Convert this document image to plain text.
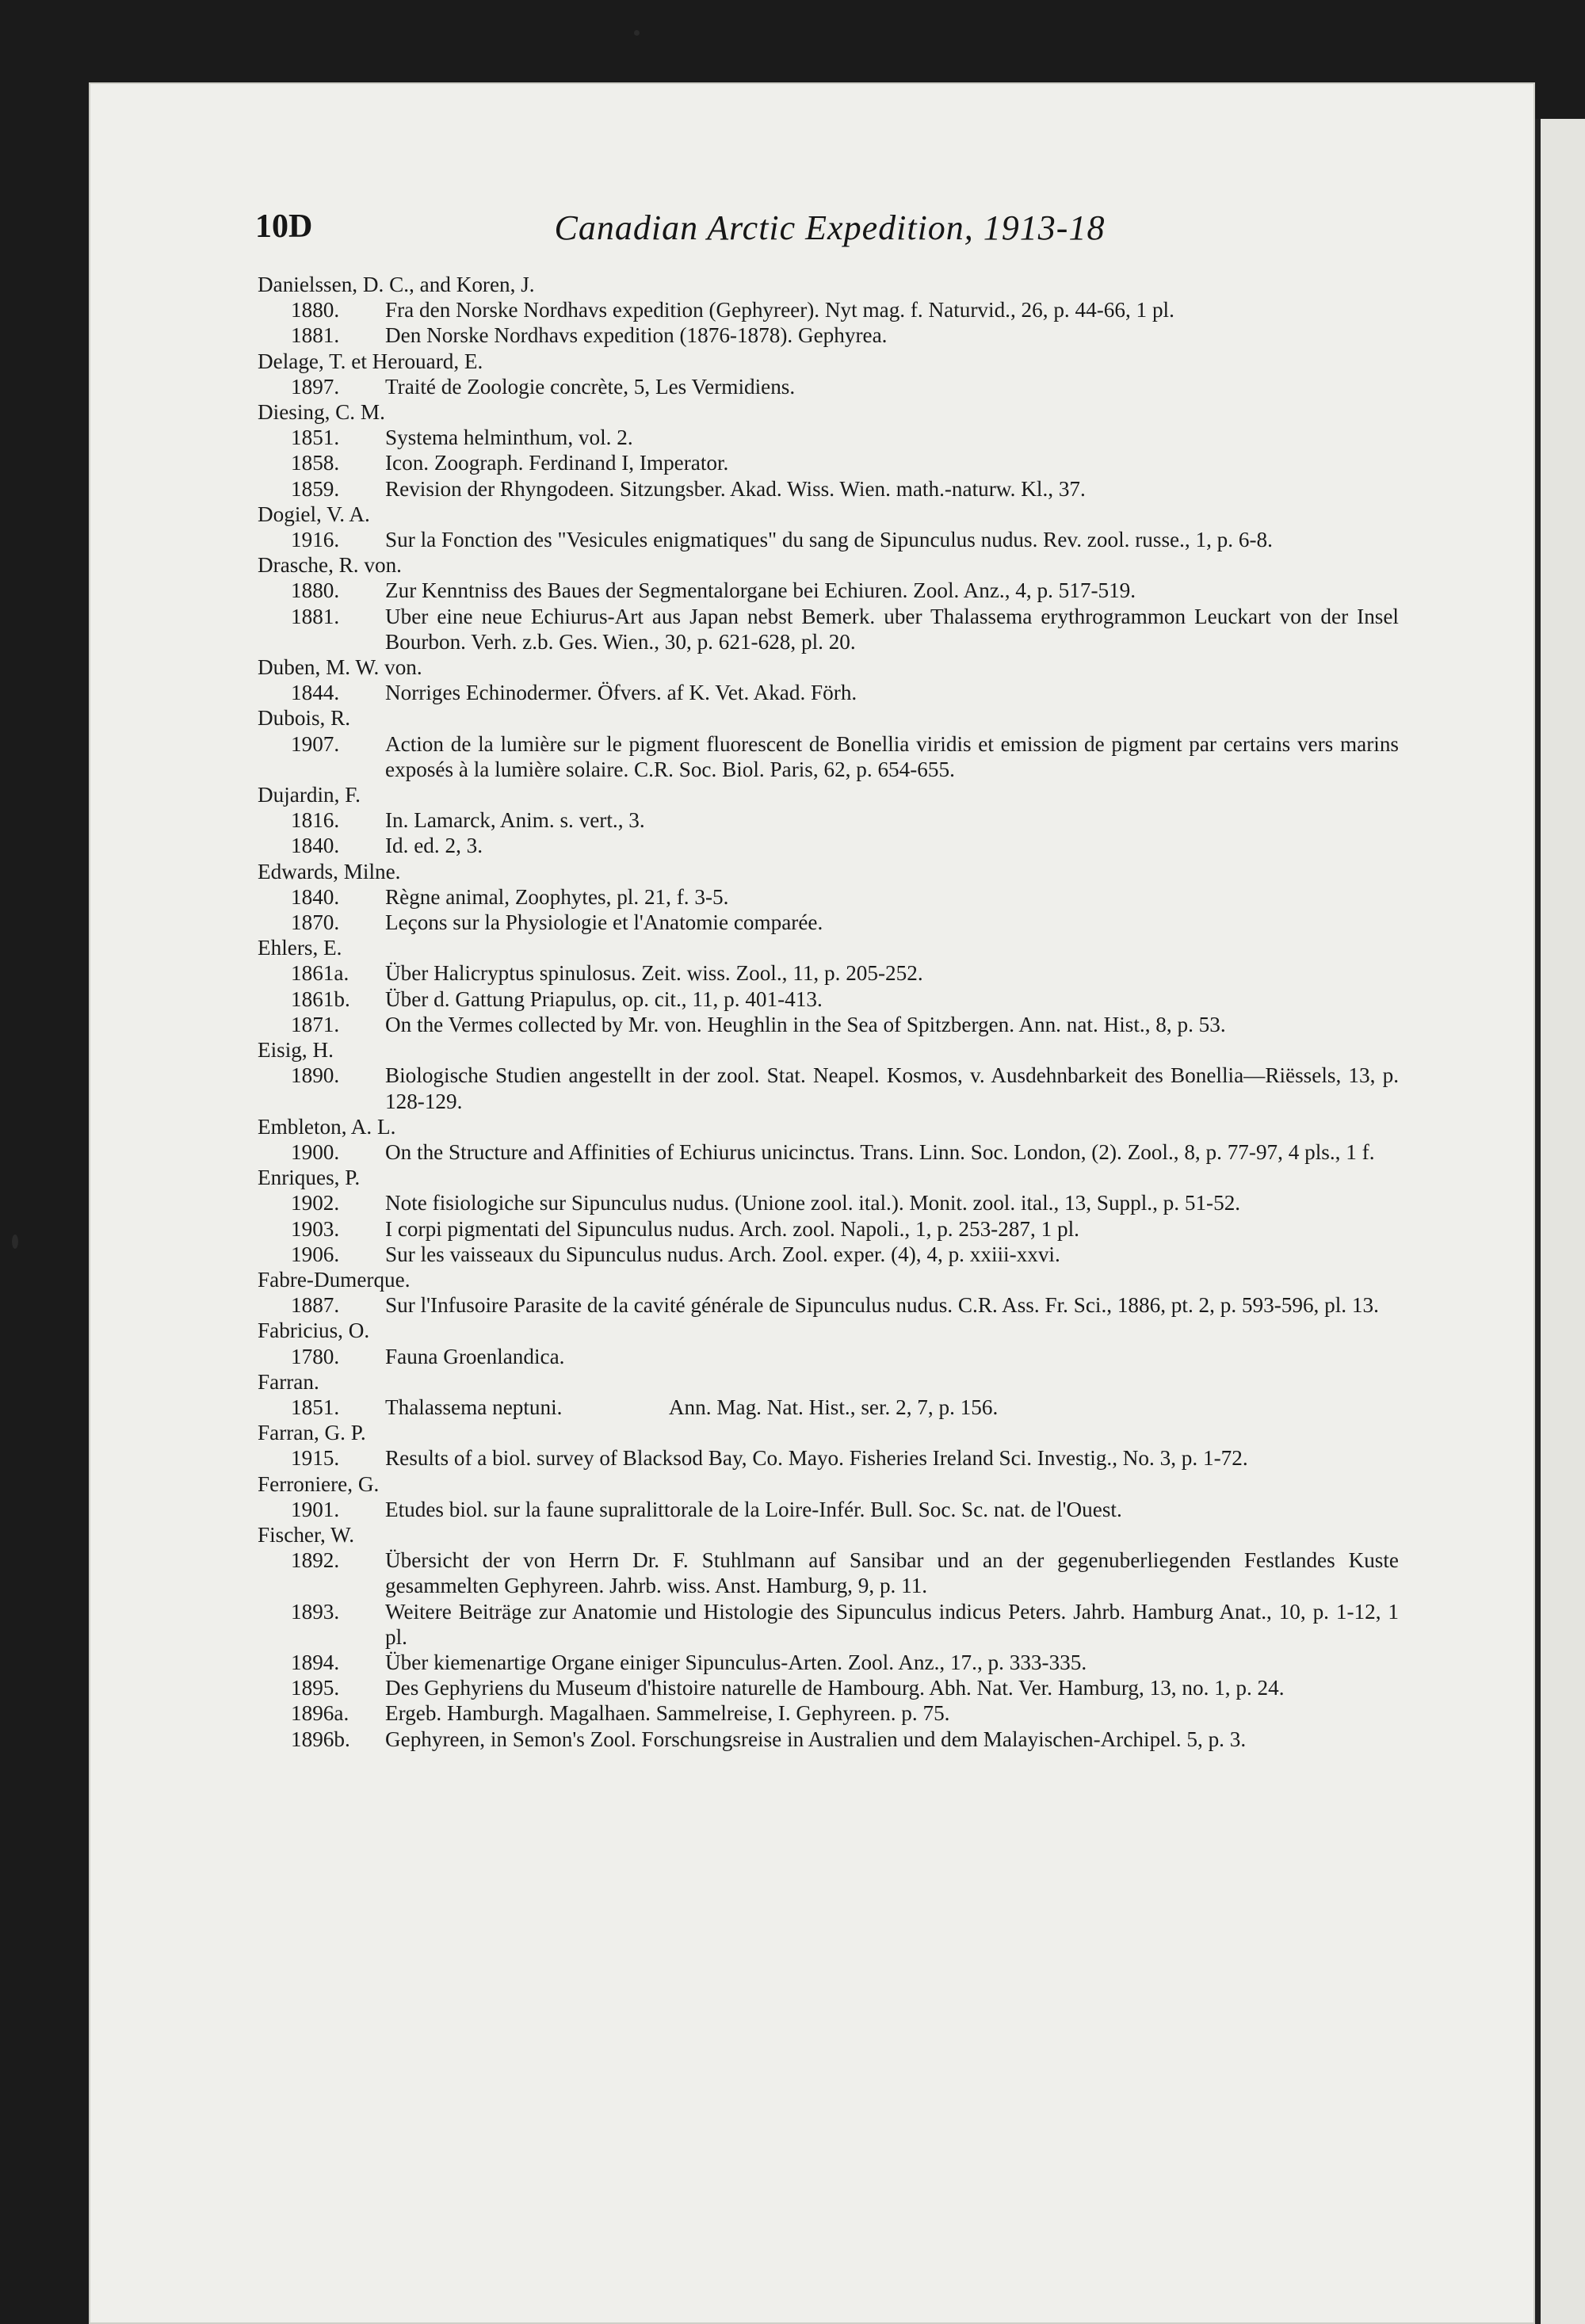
10D	Canadian Arctic Expedition, 1913-18
Danielssen, D. C., and Koren, J.
1880. Fra den Norske Nordhavs expedition (Gephyreer). Nyt mag. f. Naturvid., 26, p. 44-66, 1 pl.
1881. Den Norske Nordhavs expedition (1876-1878). Gephyrea.
Delage, T. et Herouard, E.
1897. Traité de Zoologie concrète, 5, Les Vermidiens.
Diesing, C. M.
1851. Systema helminthum, vol. 2.
1858. Icon. Zoograph. Ferdinand I, Imperator.
1859. Revision der Rhyngodeen. Sitzungsber. Akad. Wiss. Wien. math.-naturw. Kl., 37.
Dogiel, V. A.
1916. Sur la Fonction des "Vesicules enigmatiques" du sang de Sipunculus nudus. Rev. zool. russe., 1, p. 6-8.
Drasche, R. von.
1880. Zur Kenntniss des Baues der Segmentalorgane bei Echiuren. Zool. Anz., 4, p. 517-519.
1881. Uber eine neue Echiurus-Art aus Japan nebst Bemerk. uber Thalassema erythrogrammon Leuckart von der Insel Bourbon. Verh. z.b. Ges. Wien., 30, p. 621-628, pl. 20.
Duben, M. W. von.
1844. Norriges Echinodermer. Öfvers. af K. Vet. Akad. Förh.
Dubois, R.
1907. Action de la lumière sur le pigment fluorescent de Bonellia viridis et emission de pigment par certains vers marins exposés à la lumière solaire. C.R. Soc. Biol. Paris, 62, p. 654-655.
Dujardin, F.
1816. In. Lamarck, Anim. s. vert., 3.
1840. Id. ed. 2, 3.
Edwards, Milne.
1840. Règne animal, Zoophytes, pl. 21, f. 3-5.
1870. Leçons sur la Physiologie et l'Anatomie comparée.
Ehlers, E.
1861a. Über Halicryptus spinulosus. Zeit. wiss. Zool., 11, p. 205-252.
1861b. Über d. Gattung Priapulus, op. cit., 11, p. 401-413.
1871. On the Vermes collected by Mr. von. Heughlin in the Sea of Spitzbergen. Ann. nat. Hist., 8, p. 53.
Eisig, H.
1890. Biologische Studien angestellt in der zool. Stat. Neapel. Kosmos, v. Ausdehnbarkeit des Bonellia—Riëssels, 13, p. 128-129.
Embleton, A. L.
1900. On the Structure and Affinities of Echiurus unicinctus. Trans. Linn. Soc. London, (2). Zool., 8, p. 77-97, 4 pls., 1 f.
Enriques, P.
1902. Note fisiologiche sur Sipunculus nudus. (Unione zool. ital.). Monit. zool. ital., 13, Suppl., p. 51-52.
1903. I corpi pigmentati del Sipunculus nudus. Arch. zool. Napoli., 1, p. 253-287, 1 pl.
1906. Sur les vaisseaux du Sipunculus nudus. Arch. Zool. exper. (4), 4, p. xxiii-xxvi.
Fabre-Dumerque.
1887. Sur l'Infusoire Parasite de la cavité générale de Sipunculus nudus. C.R. Ass. Fr. Sci., 1886, pt. 2, p. 593-596, pl. 13.
Fabricius, O.
1780. Fauna Groenlandica.
Farran.
1851. Thalassema neptuni.                    Ann. Mag. Nat. Hist., ser. 2, 7, p. 156.
Farran, G. P.
1915. Results of a biol. survey of Blacksod Bay, Co. Mayo. Fisheries Ireland Sci. Investig., No. 3, p. 1-72.
Ferroniere, G.
1901. Etudes biol. sur la faune supralittorale de la Loire-Infér. Bull. Soc. Sc. nat. de l'Ouest.
Fischer, W.
1892. Übersicht der von Herrn Dr. F. Stuhlmann auf Sansibar und an der gegenuberliegenden Festlandes Kuste gesammelten Gephyreen. Jahrb. wiss. Anst. Hamburg, 9, p. 11.
1893. Weitere Beiträge zur Anatomie und Histologie des Sipunculus indicus Peters. Jahrb. Hamburg Anat., 10, p. 1-12, 1 pl.
1894. Über kiemenartige Organe einiger Sipunculus-Arten. Zool. Anz., 17., p. 333-335.
1895. Des Gephyriens du Museum d'histoire naturelle de Hambourg. Abh. Nat. Ver. Hamburg, 13, no. 1, p. 24.
1896a. Ergeb. Hamburgh. Magalhaen. Sammelreise, I. Gephyreen. p. 75.
1896b. Gephyreen, in Semon's Zool. Forschungsreise in Australien und dem Malayischen-Archipel. 5, p. 3.
